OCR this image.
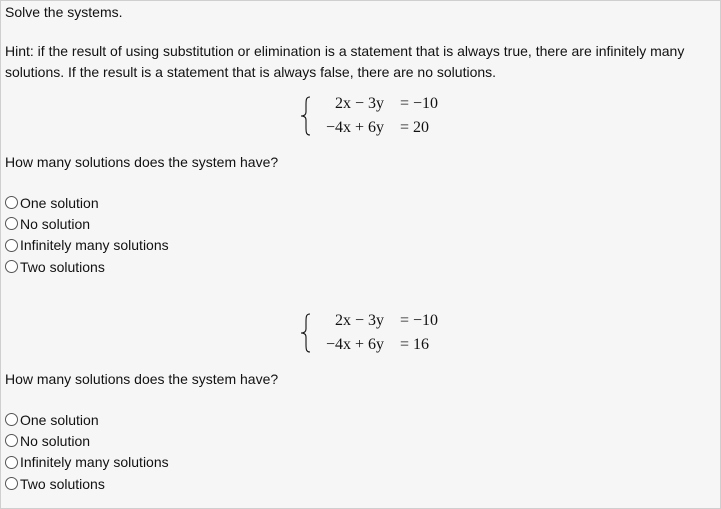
Solve the systems.
Hint: if the result of using substitution or elimination is a statement that is always true, there are infinitely many solutions. If the result is a statement that is always false, there are no solutions.
2x − 3y = −10
−4x + 6y = 20
How many solutions does the system have?
One solution
No solution
Infinitely many solutions
Two solutions
2x − 3y = −10
−4x + 6y = 16
How many solutions does the system have?
One solution
No solution
Infinitely many solutions
Two solutions
